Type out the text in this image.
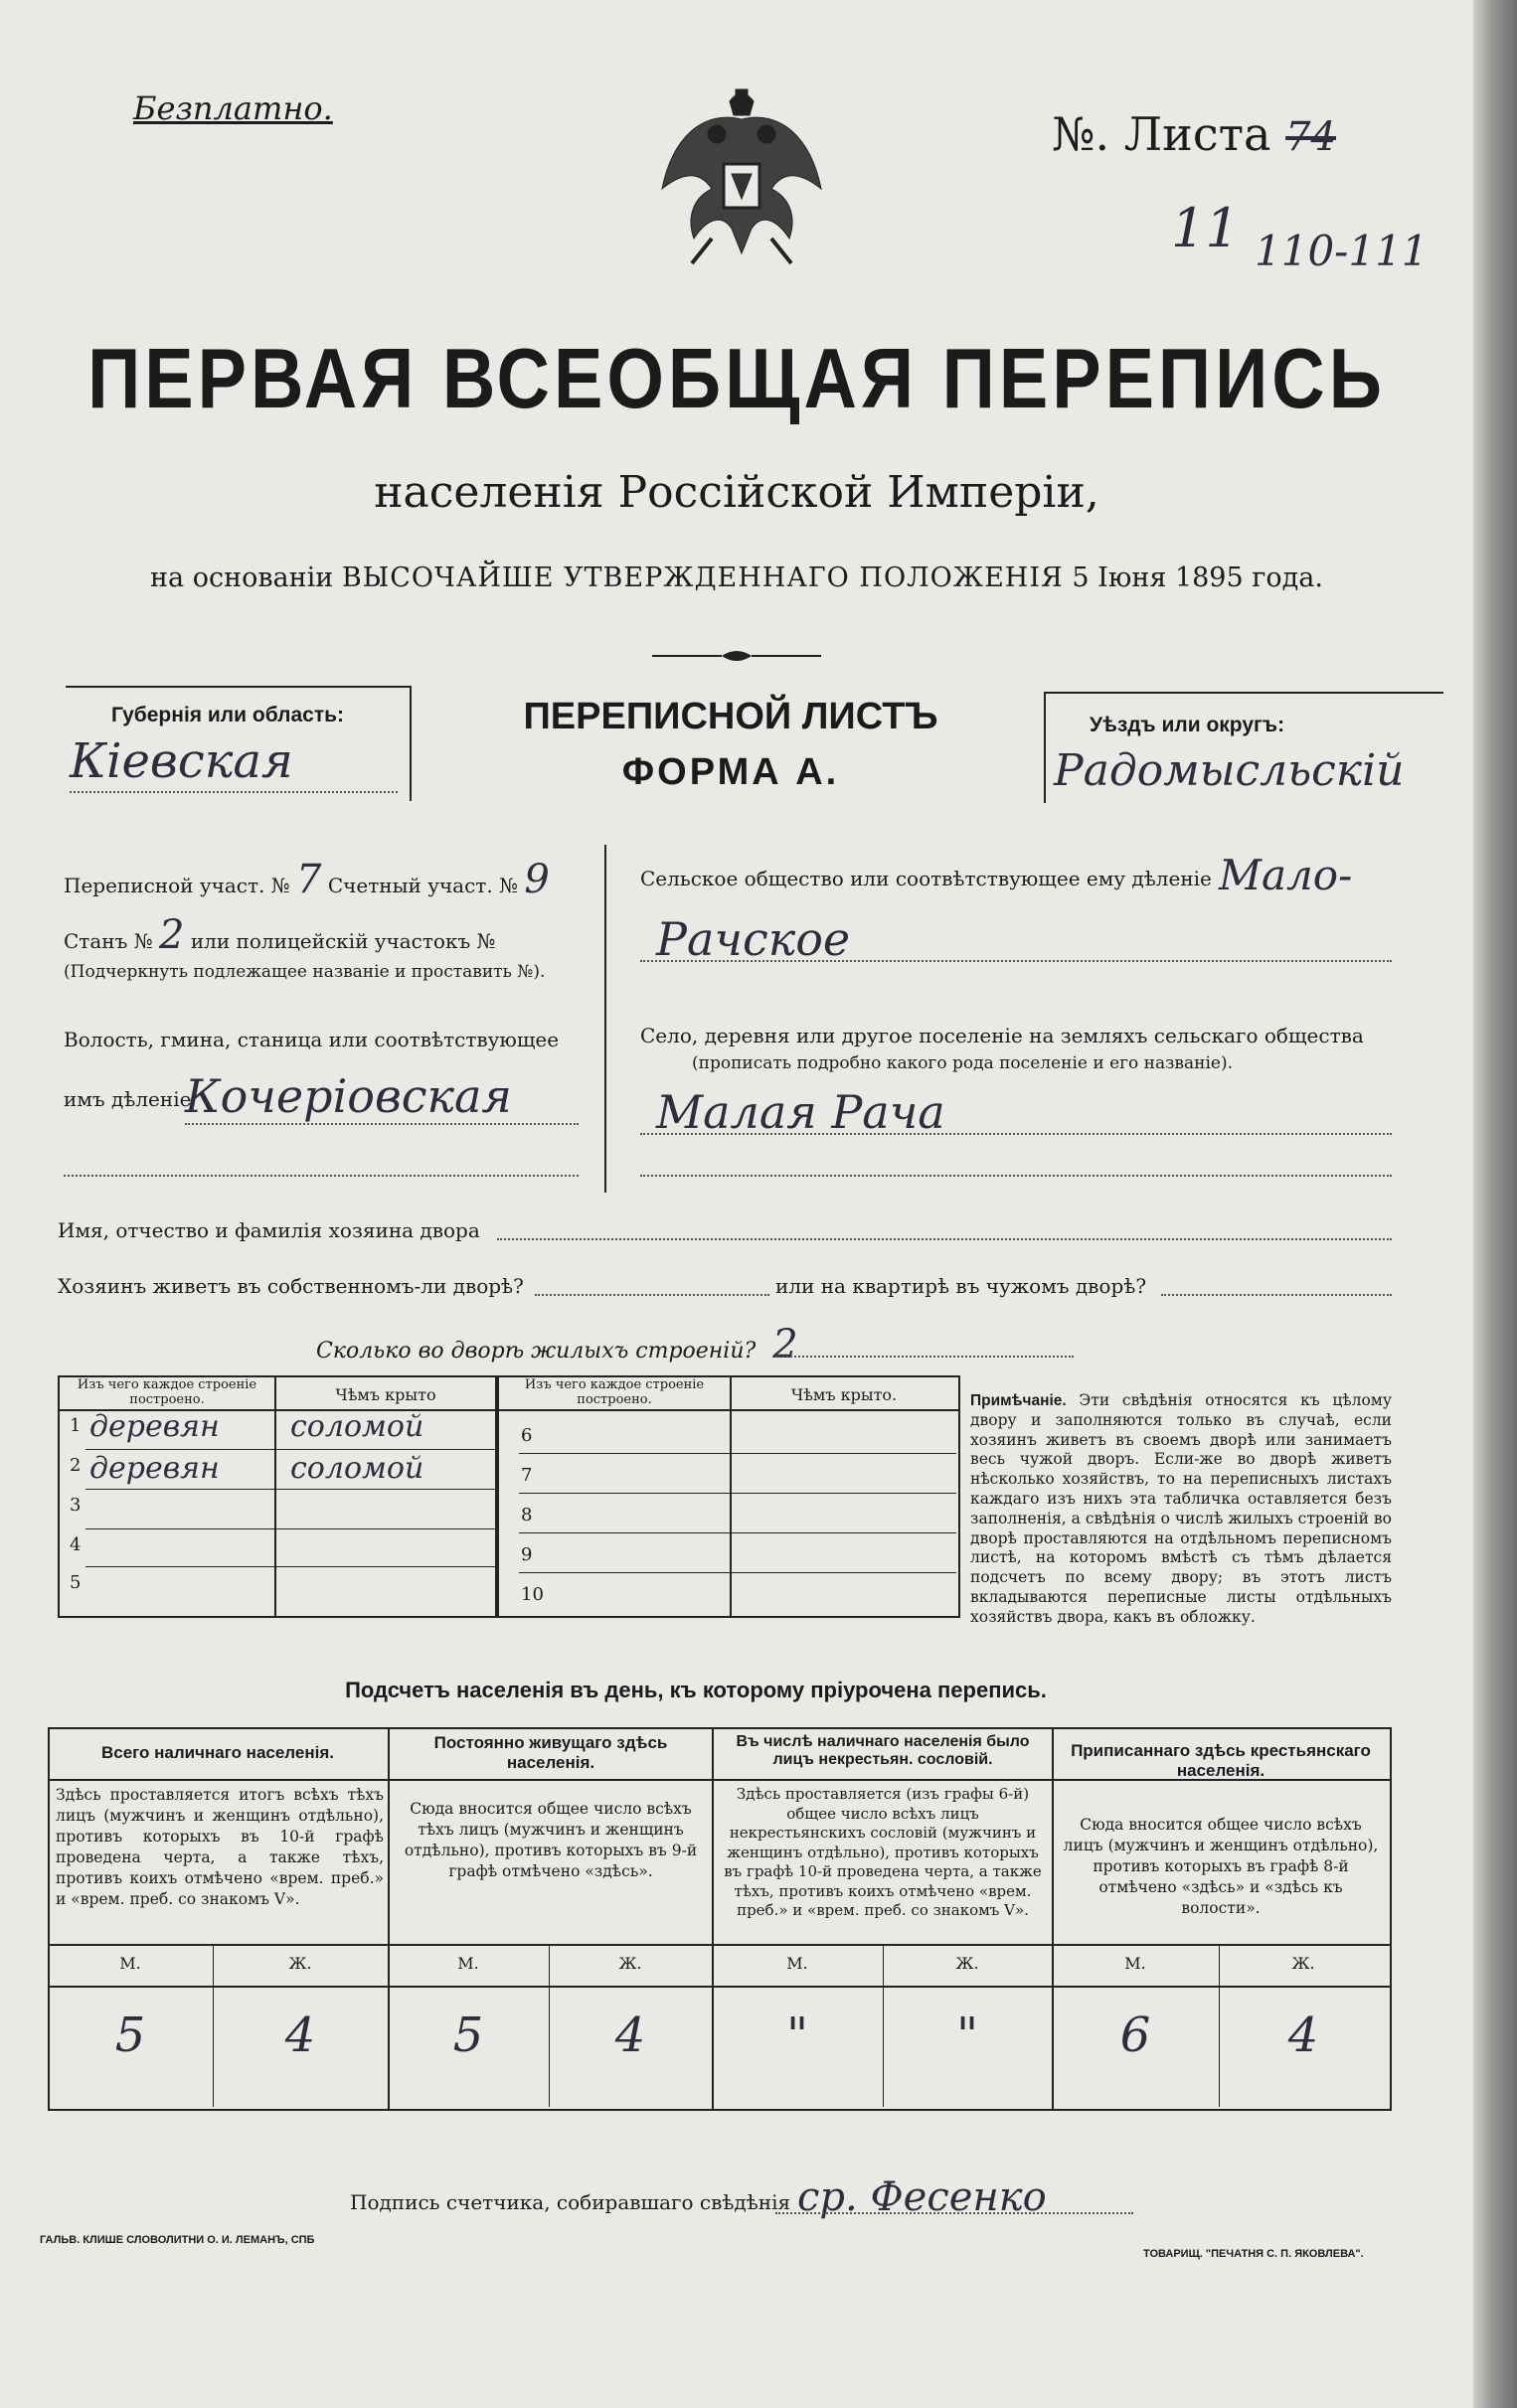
Безплатно.	№. Листа 74
11 110-111
ПЕРВАЯ ВСЕОБЩАЯ ПЕРЕПИСЬ
населенія Россійской Имперіи,
на основаніи ВЫСОЧАЙШЕ УТВЕРЖДЕННАГО ПОЛОЖЕНІЯ 5 Іюня 1895 года.
Губернія или область:
Кіевская
ПЕРЕПИСНОЙ ЛИСТЪ
ФОРМА А.
Уѣздъ или округъ:
Радомысльскій
Переписной участ. № 7 Счетный участ. № 9
Станъ № 2 или полицейскій участокъ №
(Подчеркнуть подлежащее названіе и проставить №).
Волость, гмина, станица или соотвѣтствующее
имъ дѣленіе
Кочеріовская
Сельское общество или соотвѣтствующее ему дѣленіе Мало-
Рачское
Село, деревня или другое поселеніе на земляхъ сельскаго общества
(прописать подробно какого рода поселеніе и его названіе).
Малая Рача
Имя, отчество и фамилія хозяина двора
Хозяинъ живетъ въ собственномъ-ли дворѣ?	или на квартирѣ въ чужомъ дворѣ?
Сколько во дворѣ жилыхъ строеній? 2
Изъ чего каждое строеніе построено.	Чѣмъ крыто
Изъ чего каждое строеніе построено.	Чѣмъ крыто.
1 деревян соломой
2 деревян соломой
3
4
5
6
7
8
9
10
Примѣчаніе. Эти свѣдѣнія относятся къ цѣлому двору и заполняются только въ случаѣ, если хозяинъ живетъ въ своемъ дворѣ или занимаетъ весь чужой дворъ. Если-же во дворѣ живетъ нѣсколько хозяйствъ, то на переписныхъ листахъ каждаго изъ нихъ эта табличка оставляется безъ заполненія, а свѣдѣнія о числѣ жилыхъ строеній во дворѣ проставляются на отдѣльномъ переписномъ листѣ, на которомъ вмѣстѣ съ тѣмъ дѣлается подсчетъ по всему двору; въ этотъ листъ вкладываются переписные листы отдѣльныхъ хозяйствъ двора, какъ въ обложку.
Подсчетъ населенія въ день, къ которому пріурочена перепись.
Всего наличнаго населенія.
Здѣсь проставляется итогъ всѣхъ тѣхъ лицъ (мужчинъ и женщинъ отдѣльно), противъ которыхъ въ 10-й графѣ проведена черта, а также тѣхъ, противъ коихъ отмѣчено «врем. преб.» и «врем. преб. со знакомъ V».
М.	Ж.
5	4
Постоянно живущаго здѣсь населенія.
Сюда вносится общее число всѣхъ тѣхъ лицъ (мужчинъ и женщинъ отдѣльно), противъ которыхъ въ 9-й графѣ отмѣчено «здѣсь».
М.	Ж.
5	4
Въ числѣ наличнаго населенія было лицъ некрестьян. сословій.
Здѣсь проставляется (изъ графы 6-й) общее число всѣхъ лицъ некрестьянскихъ сословій (мужчинъ и женщинъ отдѣльно), противъ которыхъ въ графѣ 10-й проведена черта, а также тѣхъ, противъ коихъ отмѣчено «врем. преб.» и «врем. преб. со знакомъ V».
М.	Ж.
"	"
Приписаннаго здѣсь крестьянскаго населенія.
Сюда вносится общее число всѣхъ лицъ (мужчинъ и женщинъ отдѣльно), противъ которыхъ въ графѣ 8-й отмѣчено «здѣсь» и «здѣсь къ волости».
М.	Ж.
6	4
Подпись счетчика, собиравшаго свѣдѣнія ср. Фесенко
ГАЛЬВ. КЛИШЕ СЛОВОЛИТНИ О. И. ЛЕМАНЪ, СПБ
ТОВАРИЩ. "ПЕЧАТНЯ С. П. ЯКОВЛЕВА".
